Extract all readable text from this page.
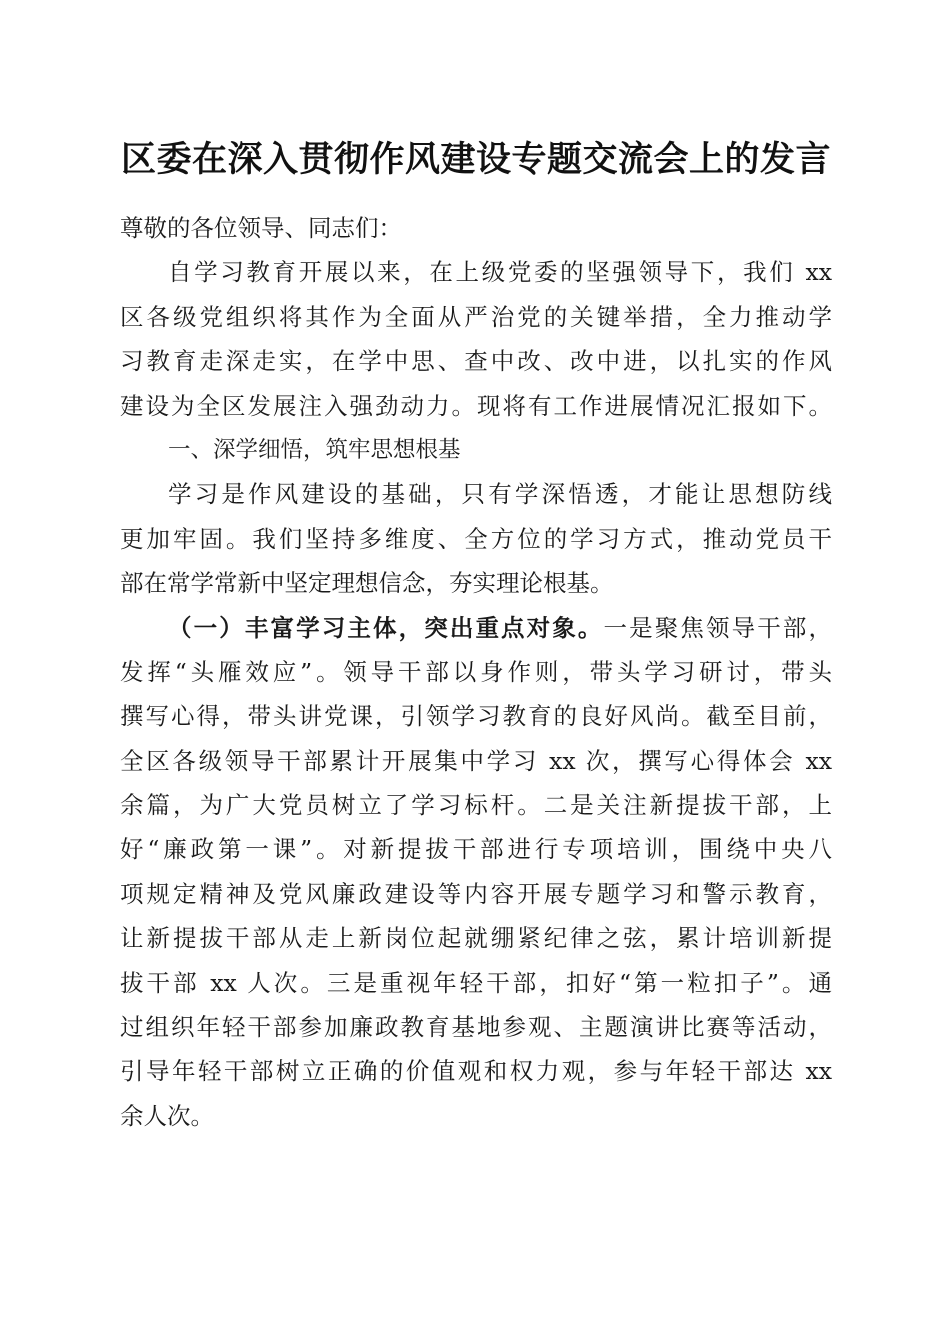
区委在深入贯彻作风建设专题交流会上的发言
尊敬的各位领导、同志们：
自学习教育开展以来，在上级党委的坚强领导下，我们 xx
区各级党组织将其作为全面从严治党的关键举措，全力推动学
习教育走深走实，在学中思、查中改、改中进，以扎实的作风
建设为全区发展注入强劲动力。现将有工作进展情况汇报如下。
一、深学细悟，筑牢思想根基
学习是作风建设的基础，只有学深悟透，才能让思想防线
更加牢固。我们坚持多维度、全方位的学习方式，推动党员干
部在常学常新中坚定理想信念，夯实理论根基。
（一）丰富学习主体，突出重点对象。一是聚焦领导干部，
发挥“头雁效应”。领导干部以身作则，带头学习研讨，带头
撰写心得，带头讲党课，引领学习教育的良好风尚。截至目前，
全区各级领导干部累计开展集中学习 xx 次，撰写心得体会 xx
余篇，为广大党员树立了学习标杆。二是关注新提拔干部，上
好“廉政第一课”。对新提拔干部进行专项培训，围绕中央八
项规定精神及党风廉政建设等内容开展专题学习和警示教育，
让新提拔干部从走上新岗位起就绷紧纪律之弦，累计培训新提
拔干部 xx 人次。三是重视年轻干部，扣好“第一粒扣子”。通
过组织年轻干部参加廉政教育基地参观、主题演讲比赛等活动，
引导年轻干部树立正确的价值观和权力观，参与年轻干部达 xx
余人次。
